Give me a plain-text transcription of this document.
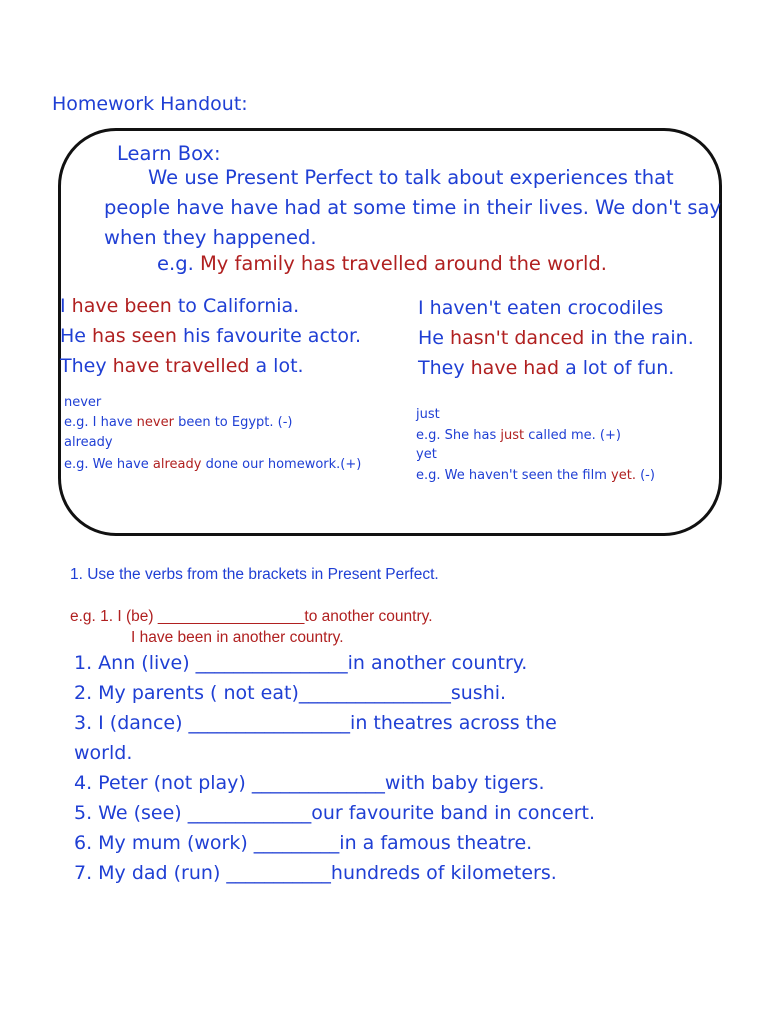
Homework Handout:
Learn Box:
We use Present Perfect to talk about experiences that
people have have had at some time in their lives. We don't say
when they happened.
e.g. My family has travelled around the world.
I have been to California.
He has seen his favourite actor.
They have travelled a lot.
I haven't eaten crocodiles
He hasn't danced in the rain.
They have had a lot of fun.
never
e.g. I have never been to Egypt. (-)
already
e.g. We have already done our homework.(+)
just
e.g. She has just called me. (+)
yet
e.g. We haven't seen the film yet. (-)
1. Use the verbs from the brackets in Present Perfect.
e.g. 1. I (be) _________________to another country.
I have been in another country.
1. Ann (live) ________________in another country.
2. My parents ( not eat)________________sushi.
3. I (dance) _________________in theatres across the
world.
4. Peter (not play) ______________with baby tigers.
5. We (see) _____________our favourite band in concert.
6. My mum (work) _________in a famous theatre.
7. My dad (run) ___________hundreds of kilometers.
